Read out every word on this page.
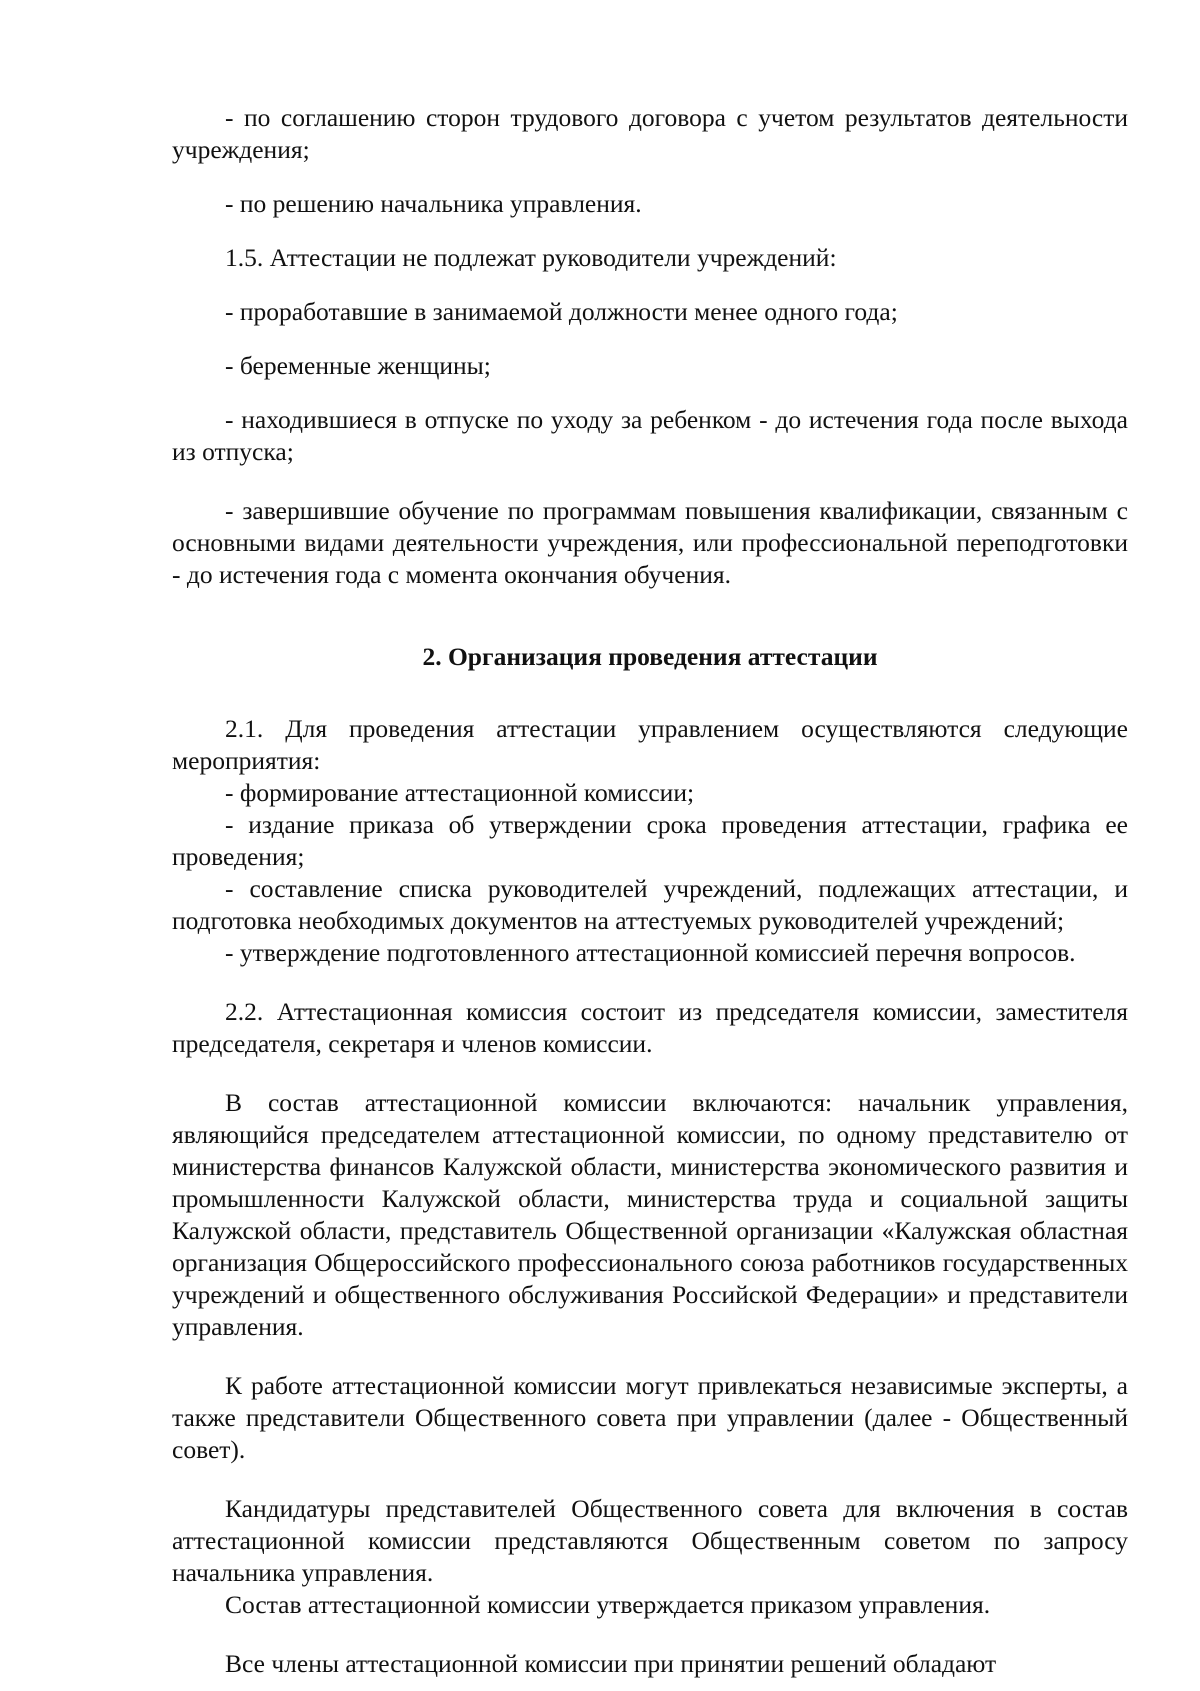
- по соглашению сторон трудового договора с учетом результатов деятельности учреждения;

- по решению начальника управления.

1.5. Аттестации не подлежат руководители учреждений:

- проработавшие в занимаемой должности менее одного года;

- беременные женщины;

- находившиеся в отпуске по уходу за ребенком - до истечения года после выхода из отпуска;

- завершившие обучение по программам повышения квалификации, связанным с основными видами деятельности учреждения, или профессиональной переподготовки - до истечения года с момента окончания обучения.

2. Организация проведения аттестации

2.1. Для проведения аттестации управлением осуществляются следующие мероприятия:

- формирование аттестационной комиссии;

- издание приказа об утверждении срока проведения аттестации, графика ее проведения;

- составление списка руководителей учреждений, подлежащих аттестации, и подготовка необходимых документов на аттестуемых руководителей учреждений;

- утверждение подготовленного аттестационной комиссией перечня вопросов.

2.2. Аттестационная комиссия состоит из председателя комиссии, заместителя председателя, секретаря и членов комиссии.

В состав аттестационной комиссии включаются: начальник управления, являющийся председателем аттестационной комиссии, по одному представителю от министерства финансов Калужской области, министерства экономического развития и промышленности Калужской области, министерства труда и социальной защиты Калужской области, представитель Общественной организации «Калужская областная организация Общероссийского профессионального союза работников государственных учреждений и общественного обслуживания Российской Федерации» и представители управления.

К работе аттестационной комиссии могут привлекаться независимые эксперты, а также представители Общественного совета при управлении (далее - Общественный совет).

Кандидатуры представителей Общественного совета для включения в состав аттестационной комиссии представляются Общественным советом по запросу начальника управления.

Состав аттестационной комиссии утверждается приказом управления.

Все члены аттестационной комиссии при принятии решений обладают
